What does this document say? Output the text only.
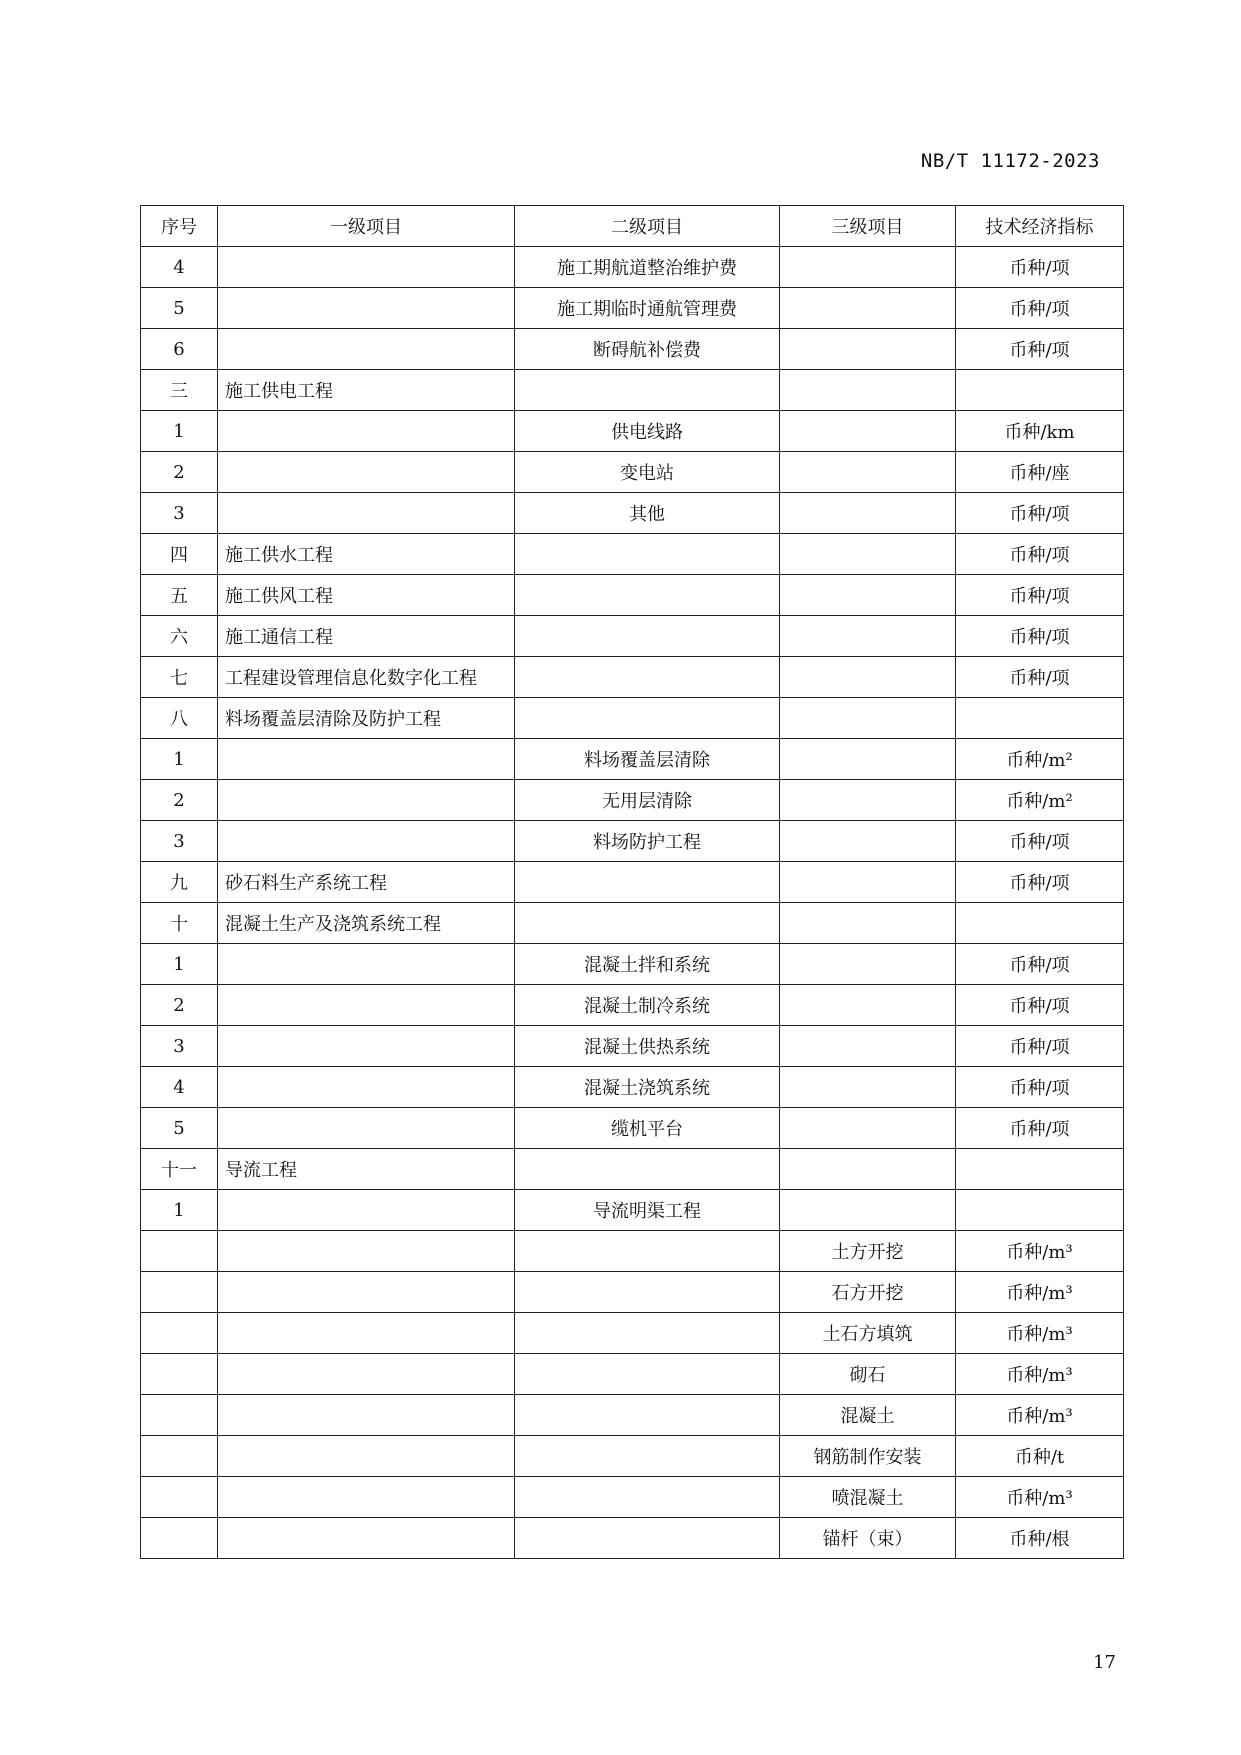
NB/T 11172-2023
序号	一级项目	二级项目	三级项目	技术经济指标
4		施工期航道整治维护费		币种/项
5		施工期临时通航管理费		币种/项
6		断碍航补偿费		币种/项
三	施工供电工程			
1		供电线路		币种/km
2		变电站		币种/座
3		其他		币种/项
四	施工供水工程			币种/项
五	施工供风工程			币种/项
六	施工通信工程			币种/项
七	工程建设管理信息化数字化工程			币种/项
八	料场覆盖层清除及防护工程			
1		料场覆盖层清除		币种/m²
2		无用层清除		币种/m²
3		料场防护工程		币种/项
九	砂石料生产系统工程			币种/项
十	混凝土生产及浇筑系统工程			
1		混凝土拌和系统		币种/项
2		混凝土制冷系统		币种/项
3		混凝土供热系统		币种/项
4		混凝土浇筑系统		币种/项
5		缆机平台		币种/项
十一	导流工程			
1		导流明渠工程		
			土方开挖	币种/m³
			石方开挖	币种/m³
			土石方填筑	币种/m³
			砌石	币种/m³
			混凝土	币种/m³
			钢筋制作安装	币种/t
			喷混凝土	币种/m³
			锚杆（束）	币种/根
17
